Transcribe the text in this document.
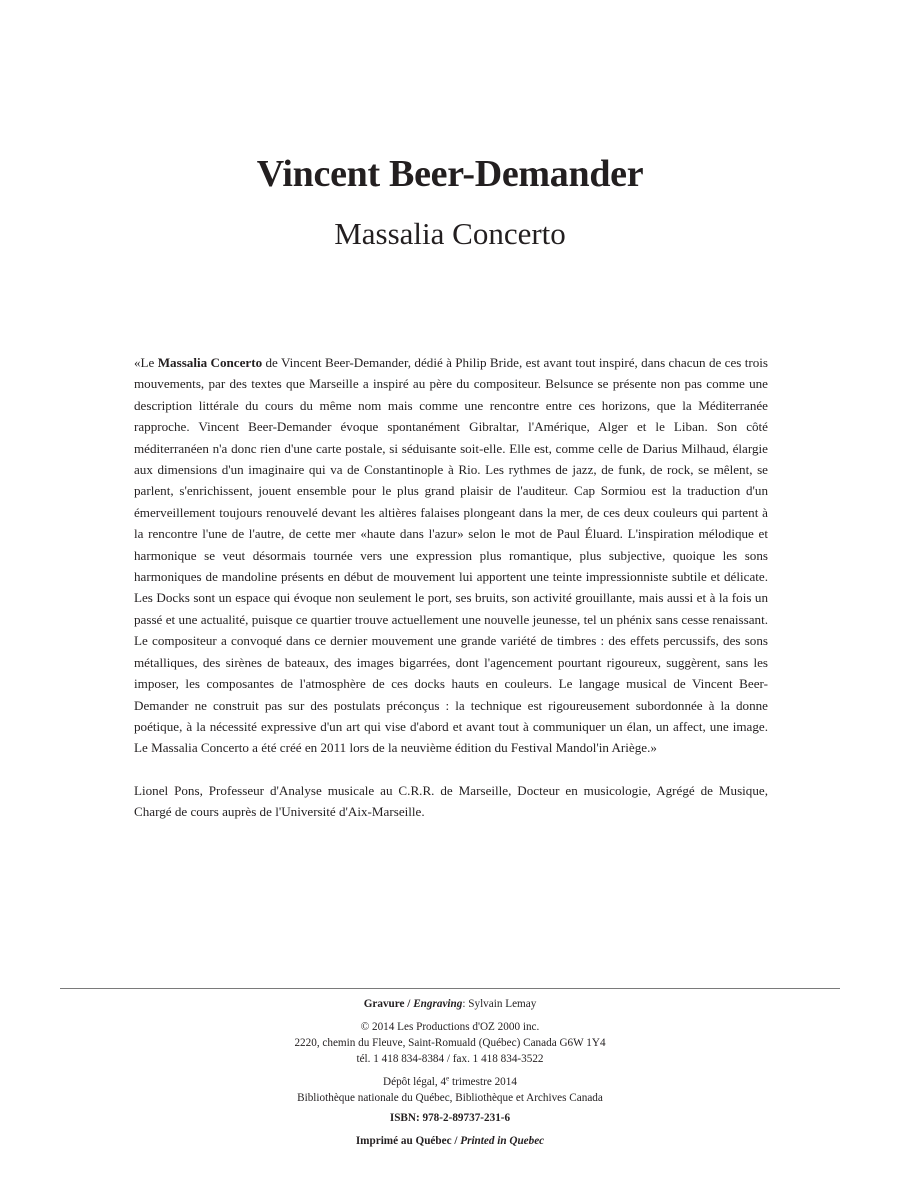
Vincent Beer-Demander
Massalia Concerto

«Le Massalia Concerto de Vincent Beer-Demander, dédié à Philip Bride, est avant tout inspiré, dans chacun de ces trois mouvements, par des textes que Marseille a inspiré au père du compositeur. Belsunce se présente non pas comme une description littérale du cours du même nom mais comme une rencontre entre ces horizons, que la Méditerranée rapproche. Vincent Beer-Demander évoque spontanément Gibraltar, l'Amérique, Alger et le Liban. Son côté méditerranéen n'a donc rien d'une carte postale, si séduisante soit-elle. Elle est, comme celle de Darius Milhaud, élargie aux dimensions d'un imaginaire qui va de Constantinople à Rio. Les rythmes de jazz, de funk, de rock, se mêlent, se parlent, s'enrichissent, jouent ensemble pour le plus grand plaisir de l'auditeur. Cap Sormiou est la traduction d'un émerveillement toujours renouvelé devant les altières falaises plongeant dans la mer, de ces deux couleurs qui partent à la rencontre l'une de l'autre, de cette mer «haute dans l'azur» selon le mot de Paul Éluard. L'inspiration mélodique et harmonique se veut désormais tournée vers une expression plus romantique, plus subjective, quoique les sons harmoniques de mandoline présents en début de mouvement lui apportent une teinte impressionniste subtile et délicate. Les Docks sont un espace qui évoque non seulement le port, ses bruits, son activité grouillante, mais aussi et à la fois un passé et une actualité, puisque ce quartier trouve actuellement une nouvelle jeunesse, tel un phénix sans cesse renaissant. Le compositeur a convoqué dans ce dernier mouvement une grande variété de timbres : des effets percussifs, des sons métalliques, des sirènes de bateaux, des images bigarrées, dont l'agencement pourtant rigoureux, suggèrent, sans les imposer, les composantes de l'atmosphère de ces docks hauts en couleurs. Le langage musical de Vincent Beer-Demander ne construit pas sur des postulats préconçus : la technique est rigoureusement subordonnée à la donne poétique, à la nécessité expressive d'un art qui vise d'abord et avant tout à communiquer un élan, un affect, une image. Le Massalia Concerto a été créé en 2011 lors de la neuvième édition du Festival Mandol'in Ariège.»

Lionel Pons, Professeur d'Analyse musicale au C.R.R. de Marseille, Docteur en musicologie, Agrégé de Musique, Chargé de cours auprès de l'Université d'Aix-Marseille.

Gravure / Engraving: Sylvain Lemay
© 2014 Les Productions d'OZ 2000 inc.
2220, chemin du Fleuve, Saint-Romuald (Québec) Canada G6W 1Y4
tél. 1 418 834-8384 / fax. 1 418 834-3522
Dépôt légal, 4e trimestre 2014
Bibliothèque nationale du Québec, Bibliothèque et Archives Canada
ISBN: 978-2-89737-231-6
Imprimé au Québec / Printed in Quebec
